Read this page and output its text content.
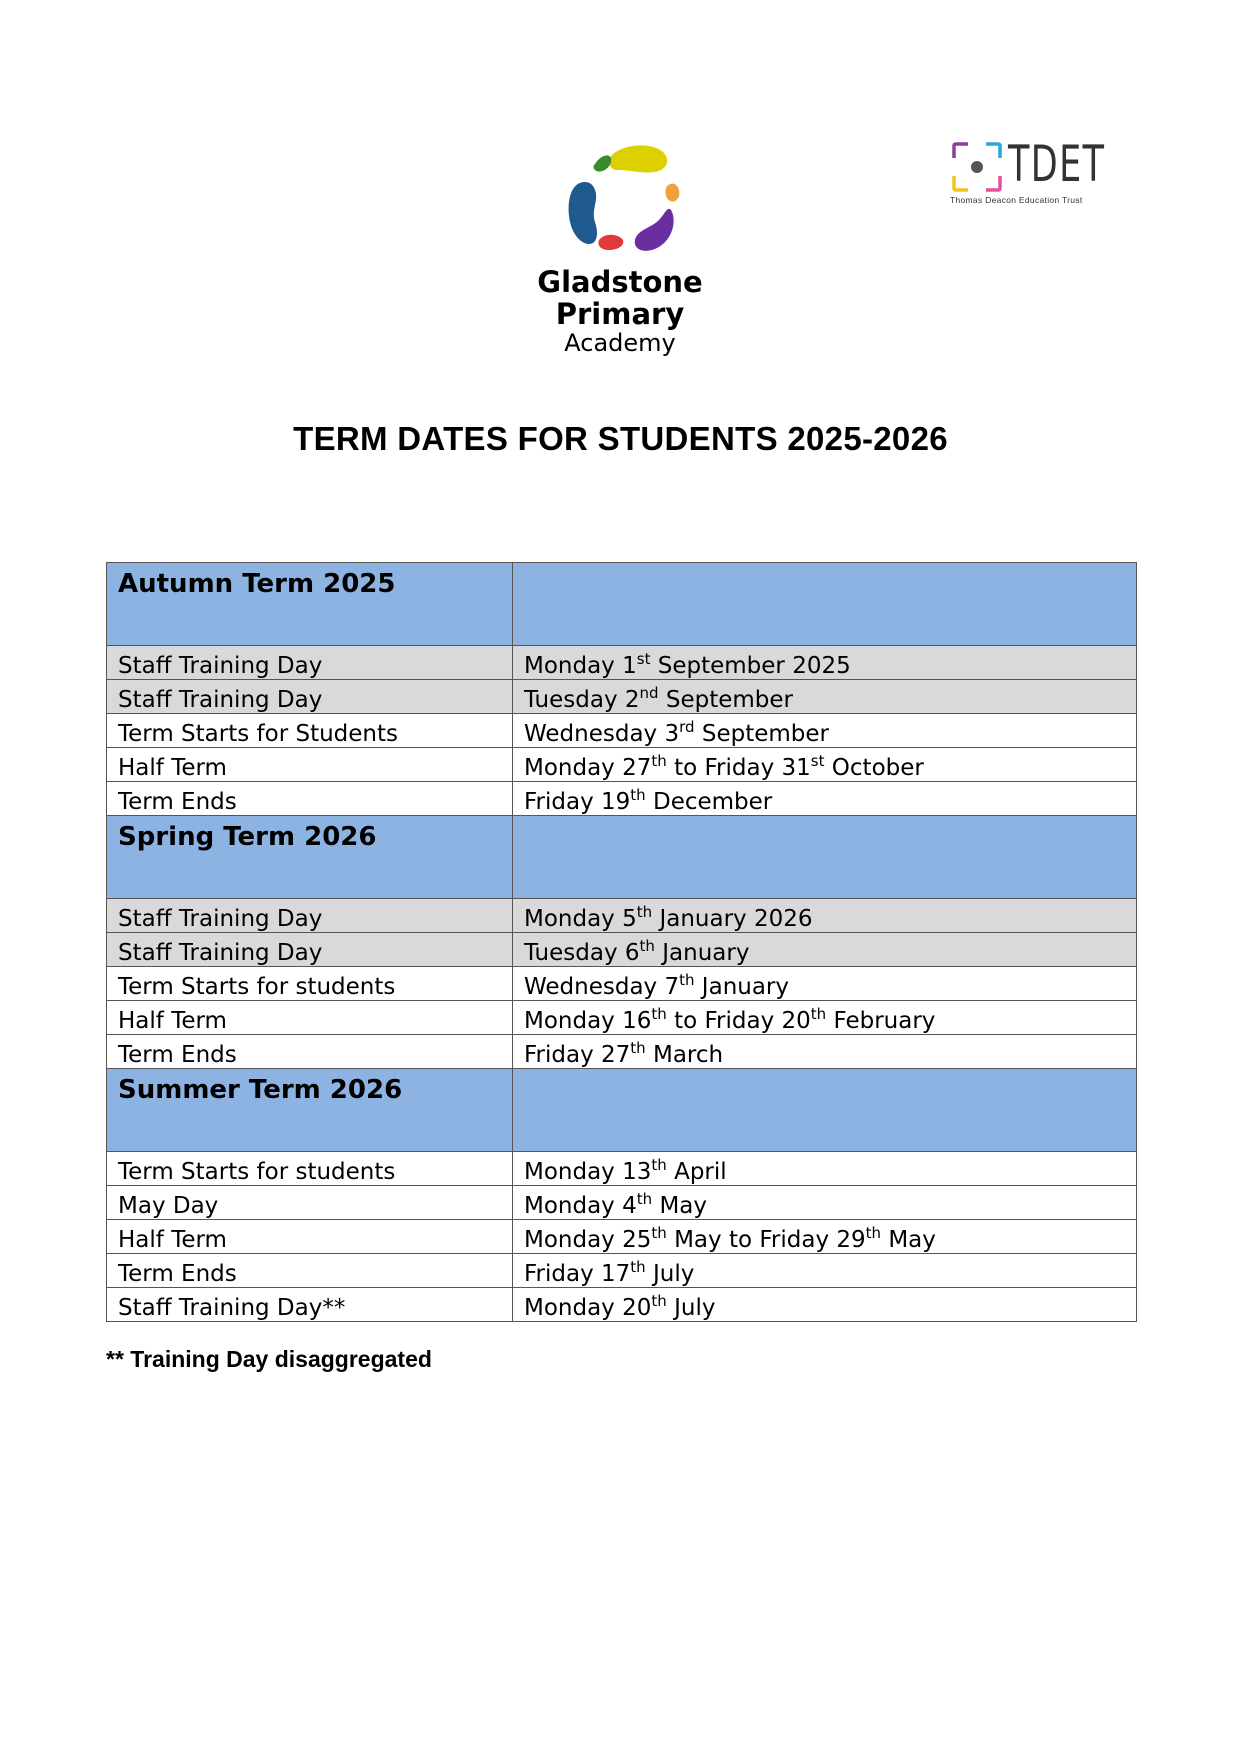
Gladstone Primary
Academy
TDET
Thomas Deacon Education Trust
TERM DATES FOR STUDENTS 2025-2026
Autumn Term 2025	
Staff Training Day	Monday 1st September 2025
Staff Training Day	Tuesday 2nd September
Term Starts for Students	Wednesday 3rd September
Half Term	Monday 27th to Friday 31st October
Term Ends	Friday 19th December
Spring Term 2026	
Staff Training Day	Monday 5th January 2026
Staff Training Day	Tuesday 6th January
Term Starts for students	Wednesday 7th January
Half Term	Monday 16th to Friday 20th February
Term Ends	Friday 27th March
Summer Term 2026	
Term Starts for students	Monday 13th April
May Day	Monday 4th May
Half Term	Monday 25th May to Friday 29th May
Term Ends	Friday 17th July
Staff Training Day**	Monday 20th July
** Training Day disaggregated
